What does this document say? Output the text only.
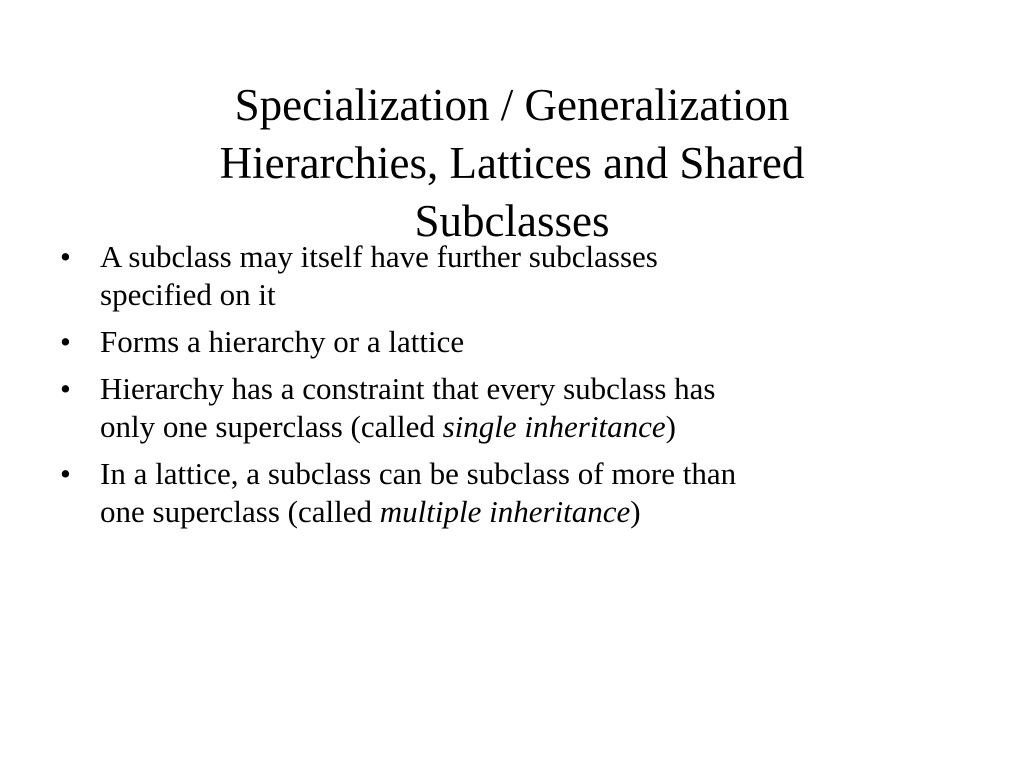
Specialization / Generalization
Hierarchies, Lattices and Shared
Subclasses
• A subclass may itself have further subclasses
specified on it
• Forms a hierarchy or a lattice
• Hierarchy has a constraint that every subclass has
only one superclass (called single inheritance)
• In a lattice, a subclass can be subclass of more than
one superclass (called multiple inheritance)
